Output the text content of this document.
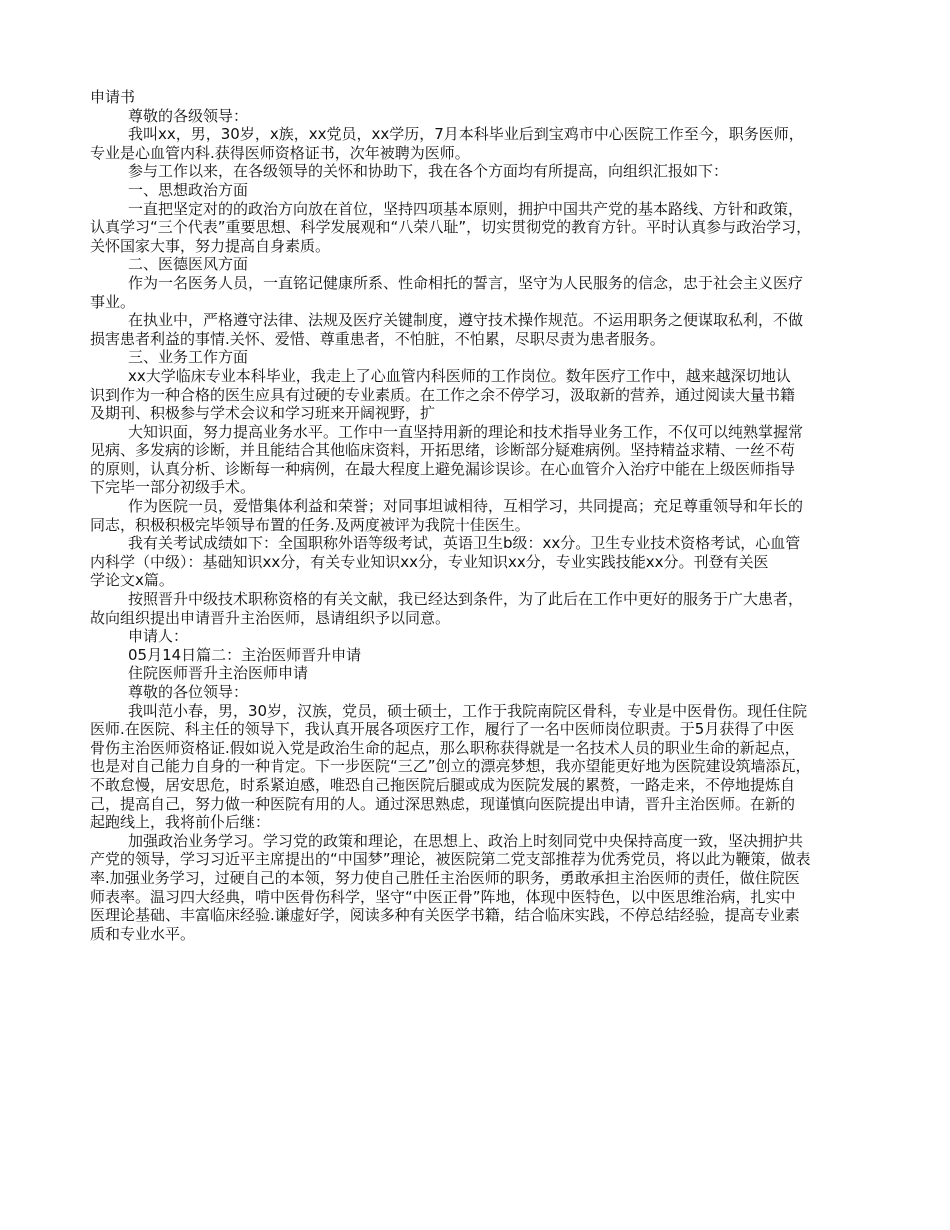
申请书
尊敬的各级领导：
我叫xx，男，30岁，x族，xx党员，xx学历，7月本科毕业后到宝鸡市中心医院工作至今，职务医师，
专业是心血管内科.获得医师资格证书，次年被聘为医师。
参与工作以来，在各级领导的关怀和协助下，我在各个方面均有所提高，向组织汇报如下：
一、思想政治方面
一直把坚定对的的政治方向放在首位，坚持四项基本原则，拥护中国共产党的基本路线、方针和政策，
认真学习“三个代表”重要思想、科学发展观和“八荣八耻”，切实贯彻党的教育方针。平时认真参与政治学习，
关怀国家大事，努力提高自身素质。
二、医德医风方面
作为一名医务人员，一直铭记健康所系、性命相托的誓言，坚守为人民服务的信念，忠于社会主义医疗
事业。
在执业中，严格遵守法律、法规及医疗关键制度，遵守技术操作规范。不运用职务之便谋取私利，不做
损害患者利益的事情.关怀、爱惜、尊重患者，不怕脏，不怕累，尽职尽责为患者服务。
三、业务工作方面
xx大学临床专业本科毕业，我走上了心血管内科医师的工作岗位。数年医疗工作中，越来越深切地认
识到作为一种合格的医生应具有过硬的专业素质。在工作之余不停学习，汲取新的营养，通过阅读大量书籍
及期刊、积极参与学术会议和学习班来开阔视野，扩
大知识面，努力提高业务水平。工作中一直坚持用新的理论和技术指导业务工作，不仅可以纯熟掌握常
见病、多发病的诊断，并且能结合其他临床资料，开拓思绪，诊断部分疑难病例。坚持精益求精、一丝不苟
的原则，认真分析、诊断每一种病例，在最大程度上避免漏诊误诊。在心血管介入治疗中能在上级医师指导
下完毕一部分初级手术。
作为医院一员，爱惜集体利益和荣誉；对同事坦诚相待，互相学习，共同提高；充足尊重领导和年长的
同志，积极积极完毕领导布置的任务.及两度被评为我院十佳医生。
我有关考试成绩如下：全国职称外语等级考试，英语卫生b级：xx分。卫生专业技术资格考试，心血管
内科学（中级）：基础知识xx分，有关专业知识xx分，专业知识xx分，专业实践技能xx分。刊登有关医
学论文x篇。
按照晋升中级技术职称资格的有关文献，我已经达到条件，为了此后在工作中更好的服务于广大患者，
故向组织提出申请晋升主治医师，恳请组织予以同意。
申请人：
05月14日篇二：主治医师晋升申请
住院医师晋升主治医师申请
尊敬的各位领导：
我叫范小春，男，30岁，汉族，党员，硕士硕士，工作于我院南院区骨科，专业是中医骨伤。现任住院
医师.在医院、科主任的领导下，我认真开展各项医疗工作，履行了一名中医师岗位职责。于5月获得了中医
骨伤主治医师资格证.假如说入党是政治生命的起点，那么职称获得就是一名技术人员的职业生命的新起点，
也是对自己能力自身的一种肯定。下一步医院“三乙”创立的漂亮梦想，我亦望能更好地为医院建设筑墙添瓦，
不敢怠慢，居安思危，时系紧迫感，唯恐自己拖医院后腿或成为医院发展的累赘，一路走来，不停地提炼自
己，提高自己，努力做一种医院有用的人。通过深思熟虑，现谨慎向医院提出申请，晋升主治医师。在新的
起跑线上，我将前仆后继：
加强政治业务学习。学习党的政策和理论，在思想上、政治上时刻同党中央保持高度一致，坚决拥护共
产党的领导，学习习近平主席提出的“中国梦”理论，被医院第二党支部推荐为优秀党员，将以此为鞭策，做表
率.加强业务学习，过硬自己的本领，努力使自己胜任主治医师的职务，勇敢承担主治医师的责任，做住院医
师表率。温习四大经典，啃中医骨伤科学，坚守“中医正骨”阵地，体现中医特色，以中医思维治病，扎实中
医理论基础、丰富临床经验.谦虚好学，阅读多种有关医学书籍，结合临床实践，不停总结经验，提高专业素
质和专业水平。
